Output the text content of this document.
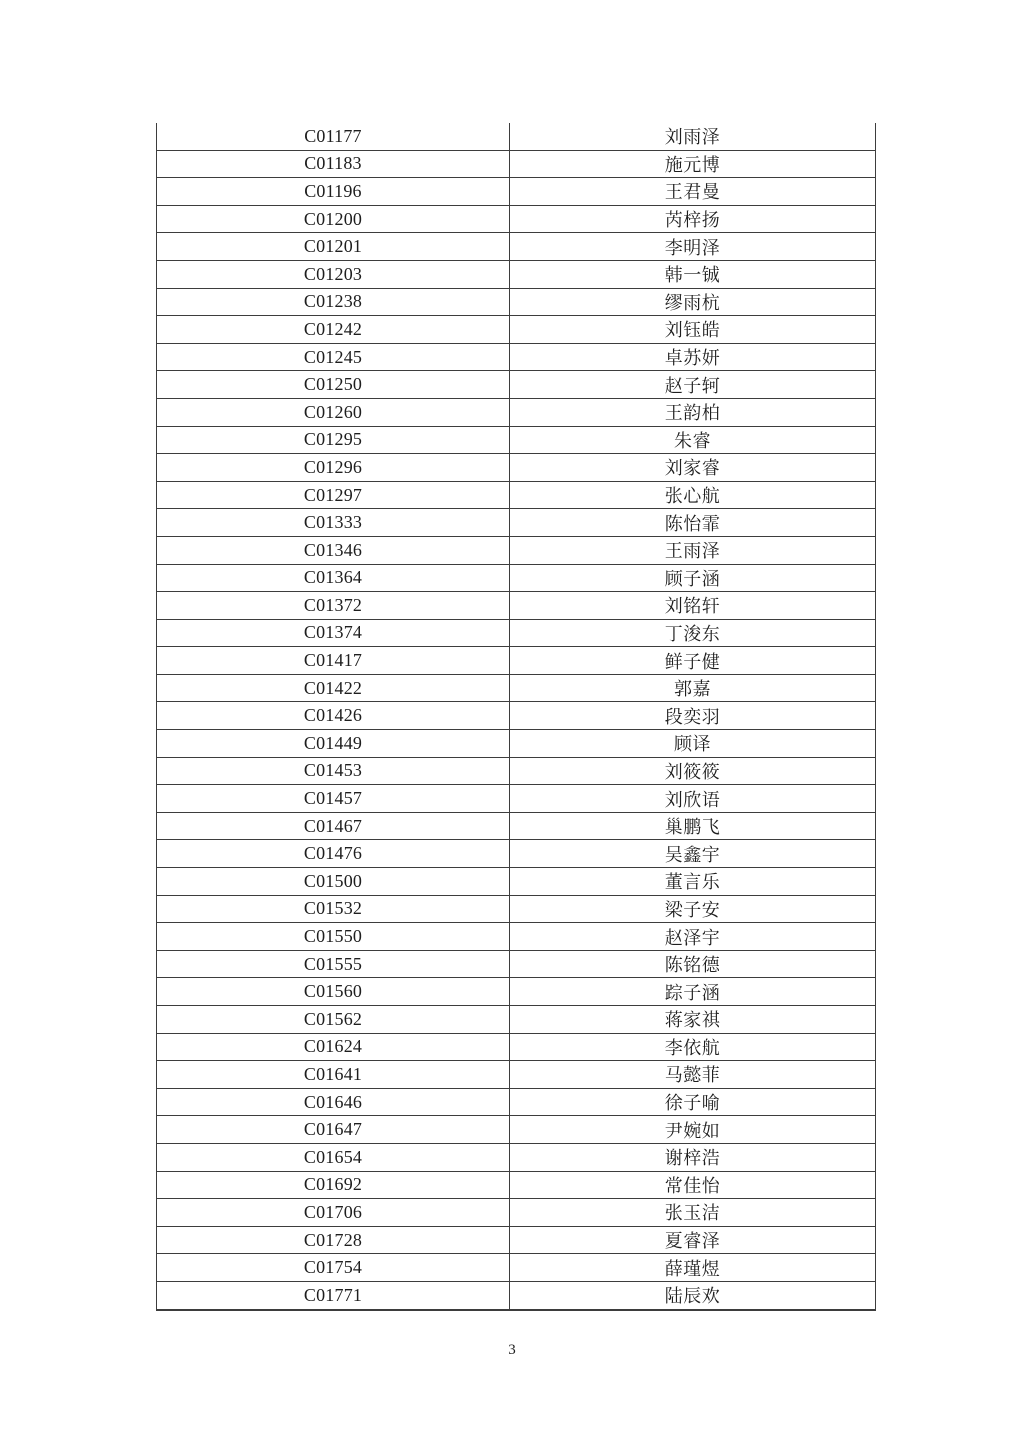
C01177	刘雨泽
C01183	施元博
C01196	王君曼
C01200	芮梓扬
C01201	李明泽
C01203	韩一铖
C01238	缪雨杭
C01242	刘钰皓
C01245	卓苏妍
C01250	赵子轲
C01260	王韵柏
C01295	朱睿
C01296	刘家睿
C01297	张心航
C01333	陈怡霏
C01346	王雨泽
C01364	顾子涵
C01372	刘铭轩
C01374	丁浚东
C01417	鲜子健
C01422	郭嘉
C01426	段奕羽
C01449	顾译
C01453	刘筱筱
C01457	刘欣语
C01467	巢鹏飞
C01476	吴鑫宇
C01500	董言乐
C01532	梁子安
C01550	赵泽宇
C01555	陈铭德
C01560	踪子涵
C01562	蒋家祺
C01624	李依航
C01641	马懿菲
C01646	徐子喻
C01647	尹婉如
C01654	谢梓浩
C01692	常佳怡
C01706	张玉洁
C01728	夏睿泽
C01754	薛瑾煜
C01771	陆辰欢
3
